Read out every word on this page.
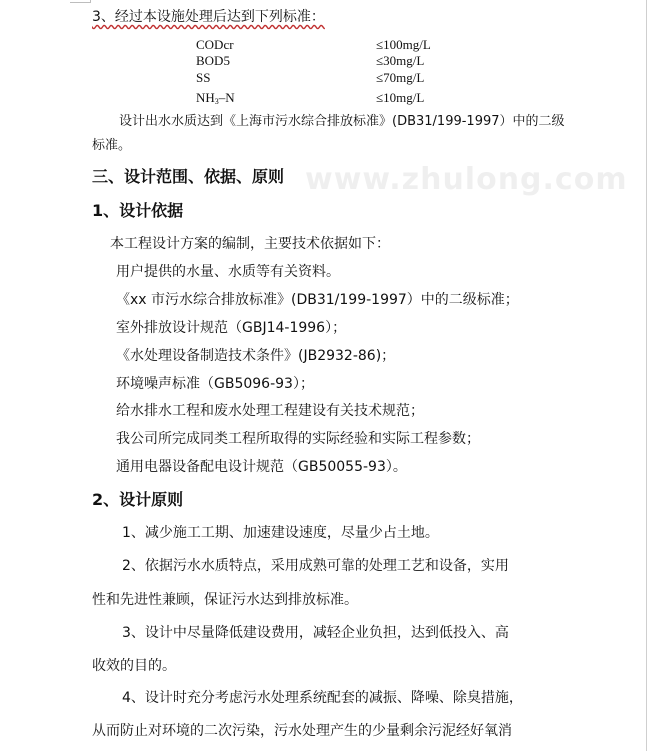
www.zhulong.com
3、经过本设施处理后达到下列标准：
CODcr	≤100mg/L
BOD5	≤30mg/L
SS	≤70mg/L
$NH_3-N$	≤10mg/L
设计出水水质达到《上海市污水综合排放标准》(DB31/199-1997）中的二级
标准。
三、设计范围、依据、原则
1、设计依据
本工程设计方案的编制，主要技术依据如下：
用户提供的水量、水质等有关资料。
《xx 市污水综合排放标准》(DB31/199-1997）中的二级标准；
室外排放设计规范（GBJ14-1996）；
《水处理设备制造技术条件》(JB2932-86)；
环境噪声标准（GB5096-93）；
给水排水工程和废水处理工程建设有关技术规范；
我公司所完成同类工程所取得的实际经验和实际工程参数；
通用电器设备配电设计规范（GB50055-93）。
2、设计原则
1、减少施工工期、加速建设速度，尽量少占土地。
2、依据污水水质特点，采用成熟可靠的处理工艺和设备，实用
性和先进性兼顾，保证污水达到排放标准。
3、设计中尽量降低建设费用，减轻企业负担，达到低投入、高
收效的目的。
4、设计时充分考虑污水处理系统配套的减振、降噪、除臭措施，
从而防止对环境的二次污染，污水处理产生的少量剩余污泥经好氧消
